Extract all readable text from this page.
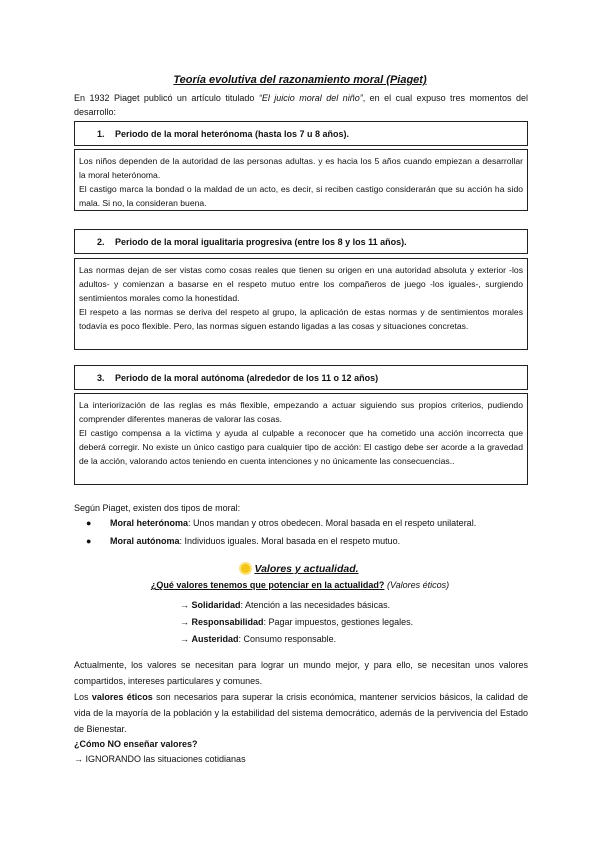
Teoría evolutiva del razonamiento moral (Piaget)
En 1932 Piaget publicó un artículo titulado “El juicio moral del niño”, en el cual expuso tres momentos del desarrollo:
1.	Periodo de la moral heterónoma (hasta los 7 u 8 años).

Los niños dependen de la autoridad de las personas adultas. y es hacia los 5 años cuando empiezan a desarrollar la moral heterónoma.

El castigo marca la bondad o la maldad de un acto, es decir, si reciben castigo considerarán que su acción ha sido mala. Si no, la consideran buena.

2.	Periodo de la moral igualitaria progresiva (entre los 8 y los 11 años).

Las normas dejan de ser vistas como cosas reales que tienen su origen en una autoridad absoluta y exterior -los adultos- y comienzan a basarse en el respeto mutuo entre los compañeros de juego -los iguales-, surgiendo sentimientos morales como la honestidad.

El respeto a las normas se deriva del respeto al grupo, la aplicación de estas normas y de sentimientos morales todavía es poco flexible. Pero, las normas siguen estando ligadas a las cosas y situaciones concretas.

3.	Periodo de la moral autónoma (alrededor de los 11 o 12 años)

La interiorización de las reglas es más flexible, empezando a actuar siguiendo sus propios criterios, pudiendo comprender diferentes maneras de valorar las cosas.

El castigo compensa a la víctima y ayuda al culpable a reconocer que ha cometido una acción incorrecta que deberá corregir. No existe un único castigo para cualquier tipo de acción: El castigo debe ser acorde a la gravedad de la acción, valorando actos teniendo en cuenta intenciones y no únicamente las consecuencias..

Según Piaget, existen dos tipos de moral:
●	Moral heterónoma: Unos mandan y otros obedecen. Moral basada en el respeto unilateral.
●	Moral autónoma: Individuos iguales. Moral basada en el respeto mutuo.
Valores y actualidad.
¿Qué valores tenemos que potenciar en la actualidad? (Valores éticos)
→ Solidaridad: Atención a las necesidades básicas.
→ Responsabilidad: Pagar impuestos, gestiones legales.
→ Austeridad: Consumo responsable.
Actualmente, los valores se necesitan para lograr un mundo mejor, y para ello, se necesitan unos valores compartidos, intereses particulares y comunes.
Los valores éticos son necesarios para superar la crisis económica, mantener servicios básicos, la calidad de vida de la mayoría de la población y la estabilidad del sistema democrático, además de la pervivencia del Estado de Bienestar.
¿Cómo NO enseñar valores?
→ IGNORANDO las situaciones cotidianas
